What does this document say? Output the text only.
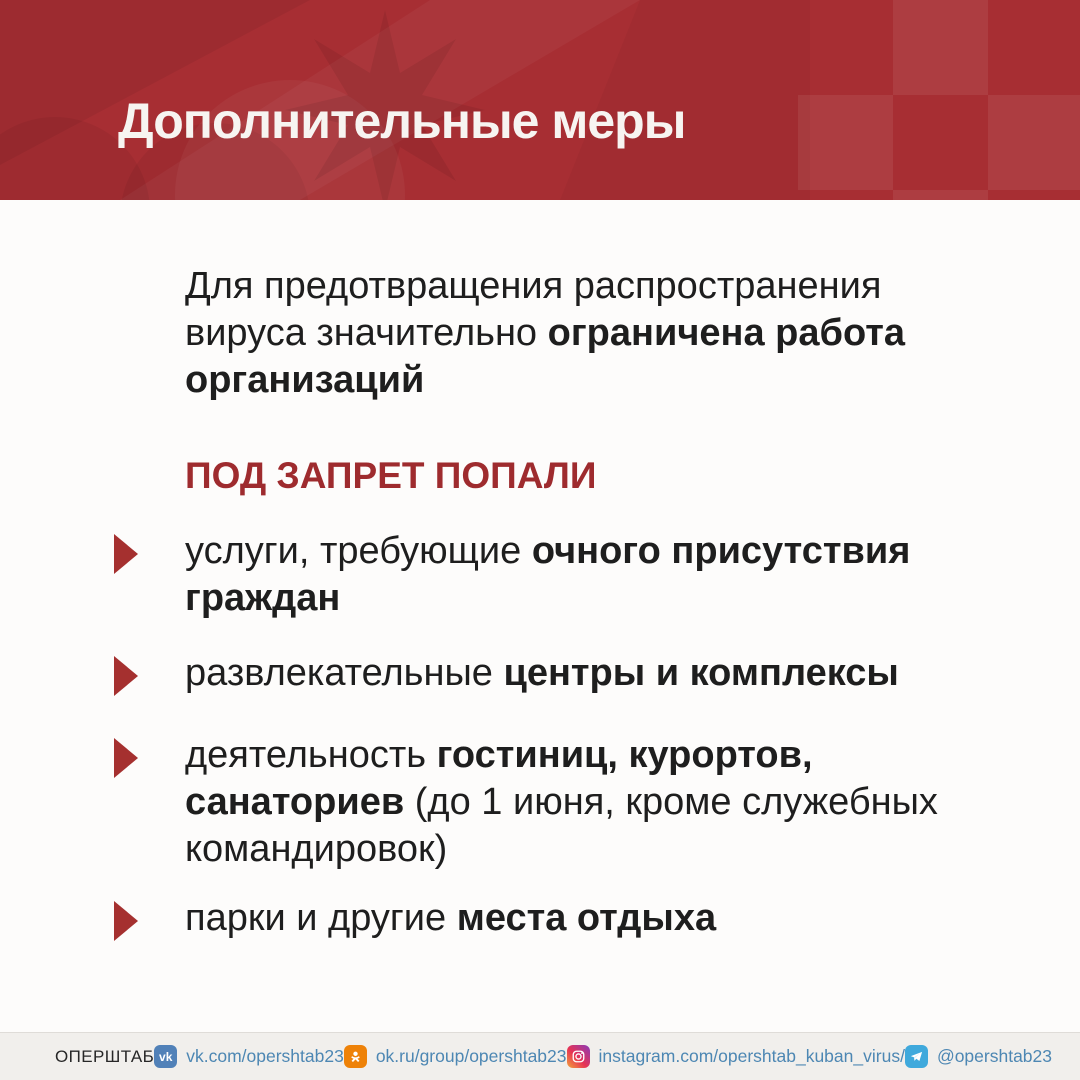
Дополнительные меры

Для предотвращения распространения
вируса значительно ограничена работа
организаций

ПОД ЗАПРЕТ ПОПАЛИ
услуги, требующие очного присутствия
граждан
развлекательные центры и комплексы
деятельность гостиниц, курортов,
санаториев (до 1 июня, кроме служебных
командировок)
парки и другие места отдыха
ОПЕРШТАБ vk vk.com/opershtab23 ok.ru/group/opershtab23 instagram.com/opershtab_kuban_virus/ @opershtab23
